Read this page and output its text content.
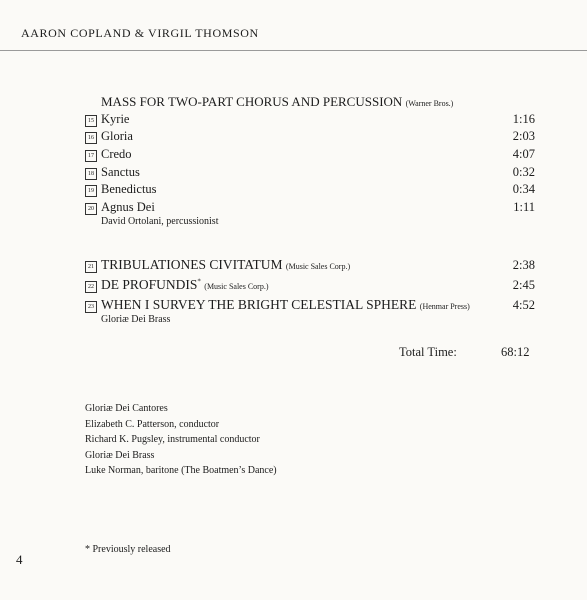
AARON COPLAND & VIRGIL THOMSON
MASS FOR TWO-PART CHORUS AND PERCUSSION (Warner Bros.)
15 Kyrie	1:16
16 Gloria	2:03
17 Credo	4:07
18 Sanctus	0:32
19 Benedictus	0:34
20 Agnus Dei	1:11
David Ortolani, percussionist
21 TRIBULATIONES CIVITATUM (Music Sales Corp.)	2:38
22 DE PROFUNDIS* (Music Sales Corp.)	2:45
23 WHEN I SURVEY THE BRIGHT CELESTIAL SPHERE (Henmar Press)	4:52
Gloriæ Dei Brass
Total Time:	68:12
Gloriæ Dei Cantores
Elizabeth C. Patterson, conductor
Richard K. Pugsley, instrumental conductor
Gloriæ Dei Brass
Luke Norman, baritone (The Boatmen’s Dance)
* Previously released
4
